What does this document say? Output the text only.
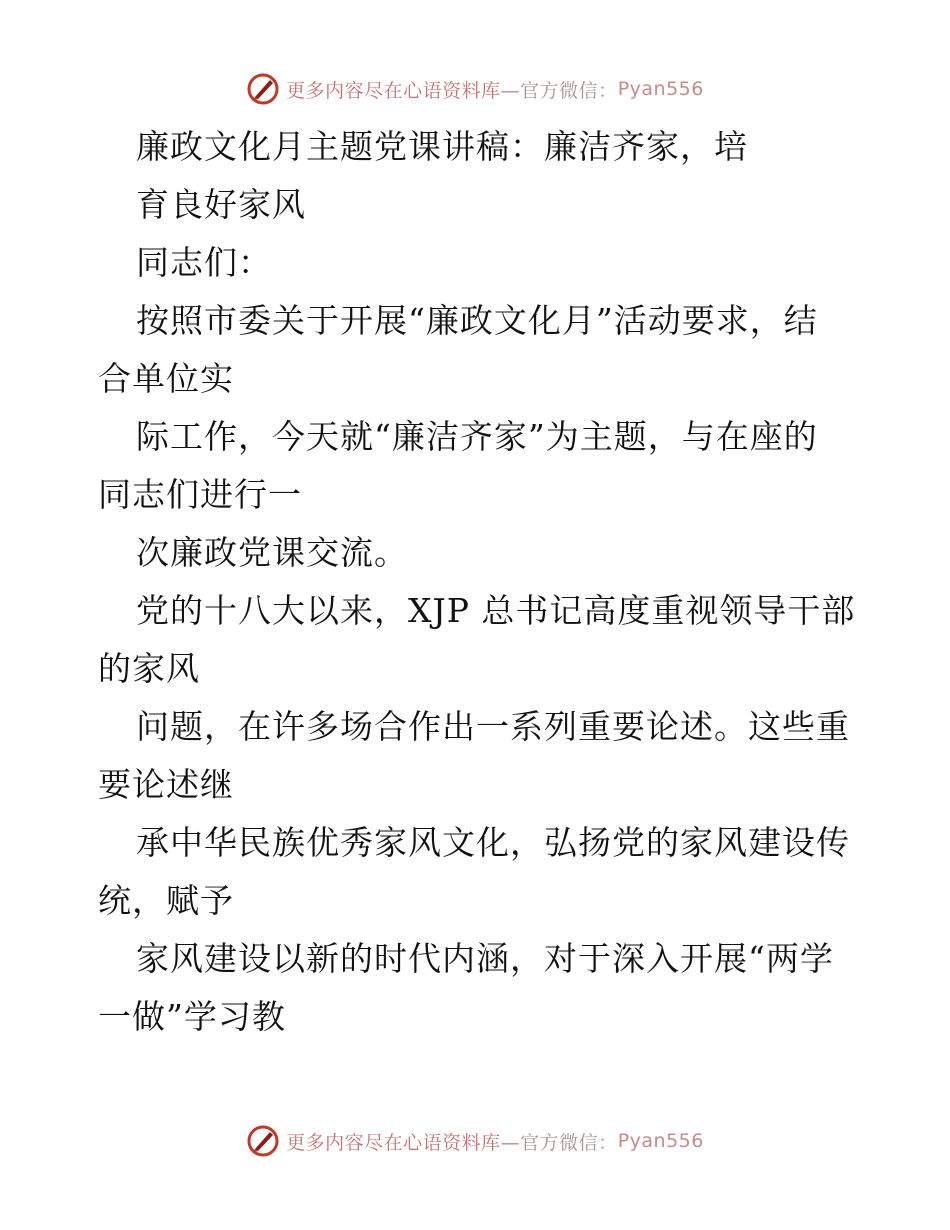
更多内容尽在心语资料库 —官方微信： Pyan556
廉政文化月主题党课讲稿：廉洁齐家，培
育良好家风
同志们：
按照市委关于开展“廉政文化月”活动要求，结
合单位实
际工作，今天就“廉洁齐家”为主题，与在座的
同志们进行一
次廉政党课交流。
党的十八大以来，XJP 总书记高度重视领导干部
的家风
问题，在许多场合作出一系列重要论述。这些重
要论述继
承中华民族优秀家风文化，弘扬党的家风建设传
统，赋予
家风建设以新的时代内涵，对于深入开展“两学
一做”学习教
更多内容尽在心语资料库 —官方微信： Pyan556
